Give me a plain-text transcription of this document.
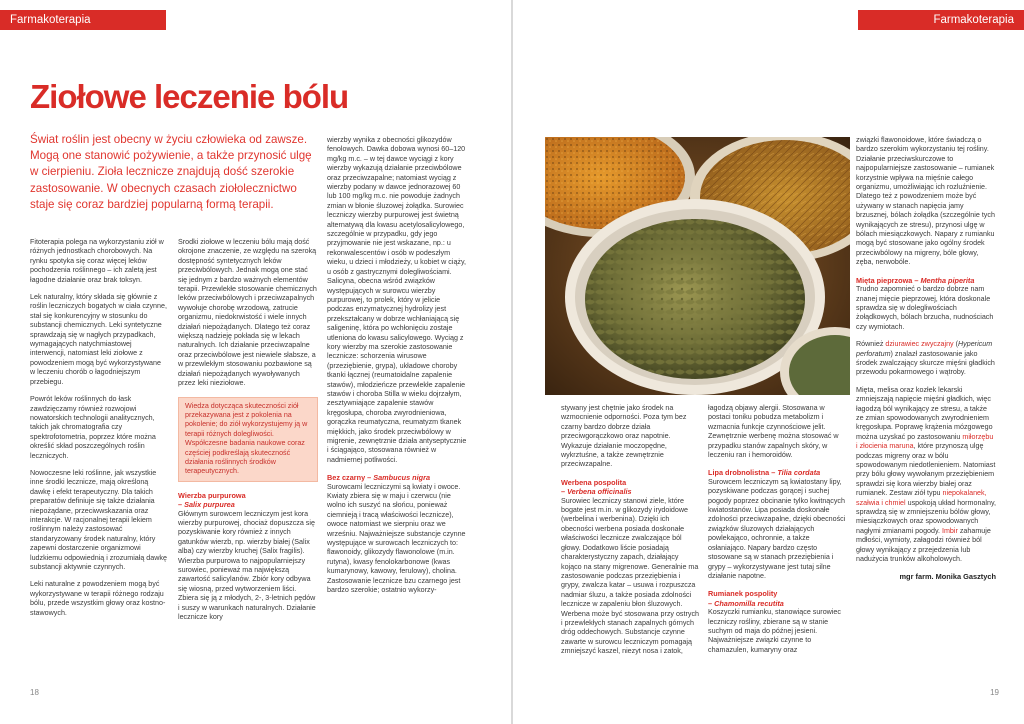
Farmakoterapia
Ziołowe leczenie bólu

Świat roślin jest obecny w życiu człowieka od zawsze. Mogą one stanowić pożywienie, a także przynosić ulgę w cierpieniu. Zioła lecznicze znajdują dość szerokie zastosowanie. W obecnych czasach ziołolecznictwo staje się coraz bardziej popularną formą terapii.

Fitoterapia polega na wykorzystaniu ziół w różnych jednostkach chorobowych. Na rynku spotyka się coraz więcej leków pochodzenia roślinnego – ich zaletą jest łagodne działanie oraz brak toksyn.

Lek naturalny, który składa się głównie z roślin leczniczych bogatych w ciała czynne, stał się konkurencyjny w stosunku do substancji chemicznych. Leki syntetyczne sprawdzają się w nagłych przypadkach, wymagających natychmiastowej interwencji, natomiast leki ziołowe z powodzeniem mogą być wykorzystywane w leczeniu chorób o łagodniejszym przebiegu.

Powrót leków roślinnych do łask zawdzięczamy również rozwojowi nowatorskich technologii analitycznych, takich jak chromatografia czy spektrofotometria, poprzez które można określić skład poszczególnych roślin leczniczych.

Nowoczesne leki roślinne, jak wszystkie inne środki lecznicze, mają określoną dawkę i efekt terapeutyczny. Dla takich preparatów definiuje się także działania niepożądane, przeciwwskazania oraz interakcje. W racjonalnej terapii lekiem roślinnym należy zastosować standaryzowany środek naturalny, który zapewni dostarczenie organizmowi ludzkiemu odpowiednią i zrozumiałą dawkę substancji aktywnie czynnych.

Leki naturalne z powodzeniem mogą być wykorzystywane w terapii różnego rodzaju bólu, przede wszystkim głowy oraz kostno-stawowych.

Środki ziołowe w leczeniu bólu mają dość okrojone znaczenie, ze względu na szeroką dostępność syntetycznych leków przeciwbólowych. Jednak mogą one stać się jednym z bardzo ważnych elementów terapii. Przewlekłe stosowanie chemicznych leków przeciwbólowych i przeciwzapalnych wywołuje chorobę wrzodową, zatrucie organizmu, niedokrwistość i wiele innych działań niepożądanych. Dlatego też coraz większą nadzieję pokłada się w lekach naturalnych. Ich działanie przeciwzapalne oraz przeciwbólowe jest niewiele słabsze, a w przewlekłym stosowaniu pozbawione są działań niepożądanych wywoływanych przez leki nieziołowe.

Wiedza dotycząca skuteczności ziół przekazywana jest z pokolenia na pokolenie; do ziół wykorzystujemy ją w terapii różnych dolegliwości. Współczesne badania naukowe coraz częściej podkreślają skuteczność działania roślinnych środków terapeutycznych.
Wierzba purpurowa
– Salix purpurea

Głównym surowcem leczniczym jest kora wierzby purpurowej, chociaż dopuszcza się pozyskiwanie kory również z innych gatunków wierzb, np. wierzby białej (Salix alba) czy wierzby kruchej (Salix fragilis). Wierzba purpurowa to najpopularniejszy surowiec, ponieważ ma największą zawartość salicylanów. Zbiór kory odbywa się wiosną, przed wytworzeniem liści. Zbiera się ją z młodych, 2-, 3-letnich pędów i suszy w warunkach naturalnych. Działanie lecznicze kory

wierzby wynika z obecności glikozydów fenolowych. Dawka dobowa wynosi 60–120 mg/kg m.c. – w tej dawce wyciągi z kory wierzby wykazują działanie przeciwbólowe oraz przeciwzapalne; natomiast wyciąg z wierzby podany w dawce jednorazowej 60 lub 100 mg/kg m.c. nie powoduje żadnych zmian w błonie śluzowej żołądka. Surowiec leczniczy wierzby purpurowej jest świetną alternatywą dla kwasu acetylosalicylowego, szczególnie w przypadku, gdy jego przyjmowanie nie jest wskazane, np.: u rekonwalescentów i osób w podeszłym wieku, u dzieci i młodzieży, u kobiet w ciąży, u osób z gastrycznymi dolegliwościami. Salicyna, obecna wśród związków występujących w surowcu wierzby purpurowej, to prolek, który w jelicie podczas enzymatycznej hydrolizy jest przekształcany w dobrze wchłaniającą się saligeninę, która po wchłonięciu zostaje utleniona do kwasu salicylowego. Wyciąg z kory wierzby ma szerokie zastosowanie lecznicze: schorzenia wirusowe (przeziębienie, grypa), układowe choroby tkanki łącznej (reumatoidalne zapalenie stawów), młodzieńcze przewlekłe zapalenie stawów i choroba Stilla w wieku dojrzałym, zesztywniające zapalenie stawów kręgosłupa, choroba zwyrodnieniowa, gorączka reumatyczna, reumatyzm tkanek miękkich, jako środek przeciwbólowy w migrenie, zewnętrznie działa antyseptycznie i ściągająco, stosowana również w nadmiernej potliwości.

Bez czarny – Sambucus nigra

Surowcami leczniczymi są kwiaty i owoce. Kwiaty zbiera się w maju i czerwcu (nie wolno ich suszyć na słońcu, ponieważ ciemnieją i tracą właściwości lecznicze), owoce natomiast we sierpniu oraz we wrześniu. Najważniejsze substancje czynne występujące w surowcach leczniczych to: flawonoidy, glikozydy flawonolowe (m.in. rutyna), kwasy fenolokarbonowe (kwas kumarynowy, kawowy, ferulowy), cholina. Zastosowanie lecznicze bzu czarnego jest bardzo szerokie; ostatnio wykorzy-

18
Farmakoterapia
19

stywany jest chętnie jako środek na wzmocnienie odporności. Poza tym bez czarny bardzo dobrze działa przeciwgorączkowo oraz napotnie. Wykazuje działanie moczopędne, wykrztuśne, a także zewnętrznie przeciwzapalne.

Werbena pospolita
– Verbena officinalis

Surowiec leczniczy stanowi ziele, które bogate jest m.in. w glikozydy irydoidowe (werbelina i werbenina). Dzięki ich obecności werbena posiada doskonałe właściwości lecznicze zwalczające ból głowy. Dodatkowo liście posiadają charakterystyczny zapach, działający kojąco na stany migrenowe. Generalnie ma zastosowanie podczas przeziębienia i grypy, zwalcza katar – usuwa i rozpuszcza nadmiar śluzu, a także posiada zdolności lecznicze w zapaleniu błon śluzowych. Werbena może być stosowana przy ostrych i przewlekłych stanach zapalnych górnych dróg oddechowych. Substancje czynne zawarte w surowcu leczniczym pomagają zmniejszyć kaszel, niezyt nosa i zatok,

łagodzą objawy alergii. Stosowana w postaci toniku pobudza metabolizm i wzmacnia funkcje czynnościowe jelit. Zewnętrznie werbenę można stosować w przypadku stanów zapalnych skóry, w leczeniu ran i hemoroidów.

Lipa drobnolistna – Tilia cordata

Surowcem leczniczym są kwiatostany lipy, pozyskiwane podczas gorącej i suchej pogody poprzez obcinanie tylko kwitnących kwiatostanów. Lipa posiada doskonałe zdolności przeciwzapalne, dzięki obecności związków śluzowych działających powlekająco, ochronnie, a także osłaniająco. Napary bardzo często stosowane są w stanach przeziębienia i grypy – wykorzystywane jest tutaj silne działanie napotne.

Rumianek pospolity
– Chamomilla recutita

Koszyczki rumianku, stanowiące surowiec leczniczy rośliny, zbierane są w stanie suchym od maja do późnej jesieni. Najważniejsze związki czynne to chamazulen, kumaryny oraz

związki flawonoidowe, które świadczą o bardzo szerokim wykorzystaniu tej rośliny. Działanie przeciwskurczowe to najpopularniejsze zastosowanie – rumianek korzystnie wpływa na mięśnie całego organizmu, umożliwiając ich rozluźnienie. Dlatego też z powodzeniem może być używany w stanach napięcia jamy brzusznej, bólach żołądka (szczególnie tych wynikających ze stresu), przynosi ulgę w bólach miesiączkowych. Napary z rumianku mogą być stosowane jako ogólny środek przeciwbólowy na migreny, bóle głowy, zęba, nerwobóle.

Mięta pieprzowa – Mentha piperita

Trudno zapomnieć o bardzo dobrze nam znanej mięcie pieprzowej, która doskonale sprawdza się w dolegliwościach żołądkowych, bólach brzucha, nudnościach czy wymiotach.

Również dziurawiec zwyczajny (Hypericum perforatum) znalazł zastosowanie jako środek zwalczający skurcze mięśni gładkich przewodu pokarmowego i wątroby.

Mięta, melisa oraz kozłek lekarski zmniejszają napięcie mięśni gładkich, więc łagodzą ból wynikający ze stresu, a także ze zmian spowodowanych zwyrodnieniem kręgosłupa. Poprawę krążenia mózgowego można uzyskać po zastosowaniu miłorzębu i złocienia maruna, które przynoszą ulgę podczas migreny oraz w bólu spowodowanym niedotlenieniem. Natomiast przy bólu głowy wywołanym przeziębieniem sprawdzi się kora wierzby białej oraz rumianek. Zestaw ziół typu niepokalanek, szałwia i chmiel uspokoją układ hormonalny, sprawdzą się w zmniejszeniu bólów głowy, miesiączkowych oraz spowodowanych nagłymi zmianami pogody. Imbir zahamuje mdłości, wymioty, załagodzi również ból głowy wynikający z przejedzenia lub nadużycia trunków alkoholowych.

mgr farm. Monika Gasztych
